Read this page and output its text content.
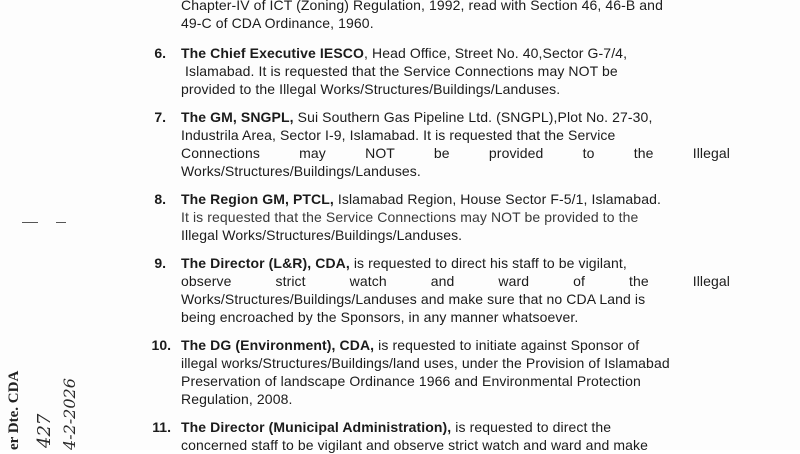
Chapter-IV of ICT (Zoning) Regulation, 1992, read with Section 46, 46-B and
49-C of CDA Ordinance, 1960.
6. The Chief Executive IESCO, Head Office, Street No. 40,Sector G-7/4,
Islamabad. It is requested that the Service Connections may NOT be
provided to the Illegal Works/Structures/Buildings/Landuses.
7. The GM, SNGPL, Sui Southern Gas Pipeline Ltd. (SNGPL),Plot No. 27-30,
Industrila Area, Sector I-9, Islamabad. It is requested that the Service
Connections may NOT be provided to the Illegal
Works/Structures/Buildings/Landuses.
8. The Region GM, PTCL, Islamabad Region, House Sector F-5/1, Islamabad.
It is requested that the Service Connections may NOT be provided to the
Illegal Works/Structures/Buildings/Landuses.
9. The Director (L&R), CDA, is requested to direct his staff to be vigilant,
observe strict watch and ward of the Illegal
Works/Structures/Buildings/Landuses and make sure that no CDA Land is
being encroached by the Sponsors, in any manner whatsoever.
10. The DG (Environment), CDA, is requested to initiate against Sponsor of
illegal works/Structures/Buildings/land uses, under the Provision of Islamabad
Preservation of landscape Ordinance 1966 and Environmental Protection
Regulation, 2008.
11. The Director (Municipal Administration), is requested to direct the
concerned staff to be vigilant and observe strict watch and ward and make
er Dte. CDA 427 4-2-2026
